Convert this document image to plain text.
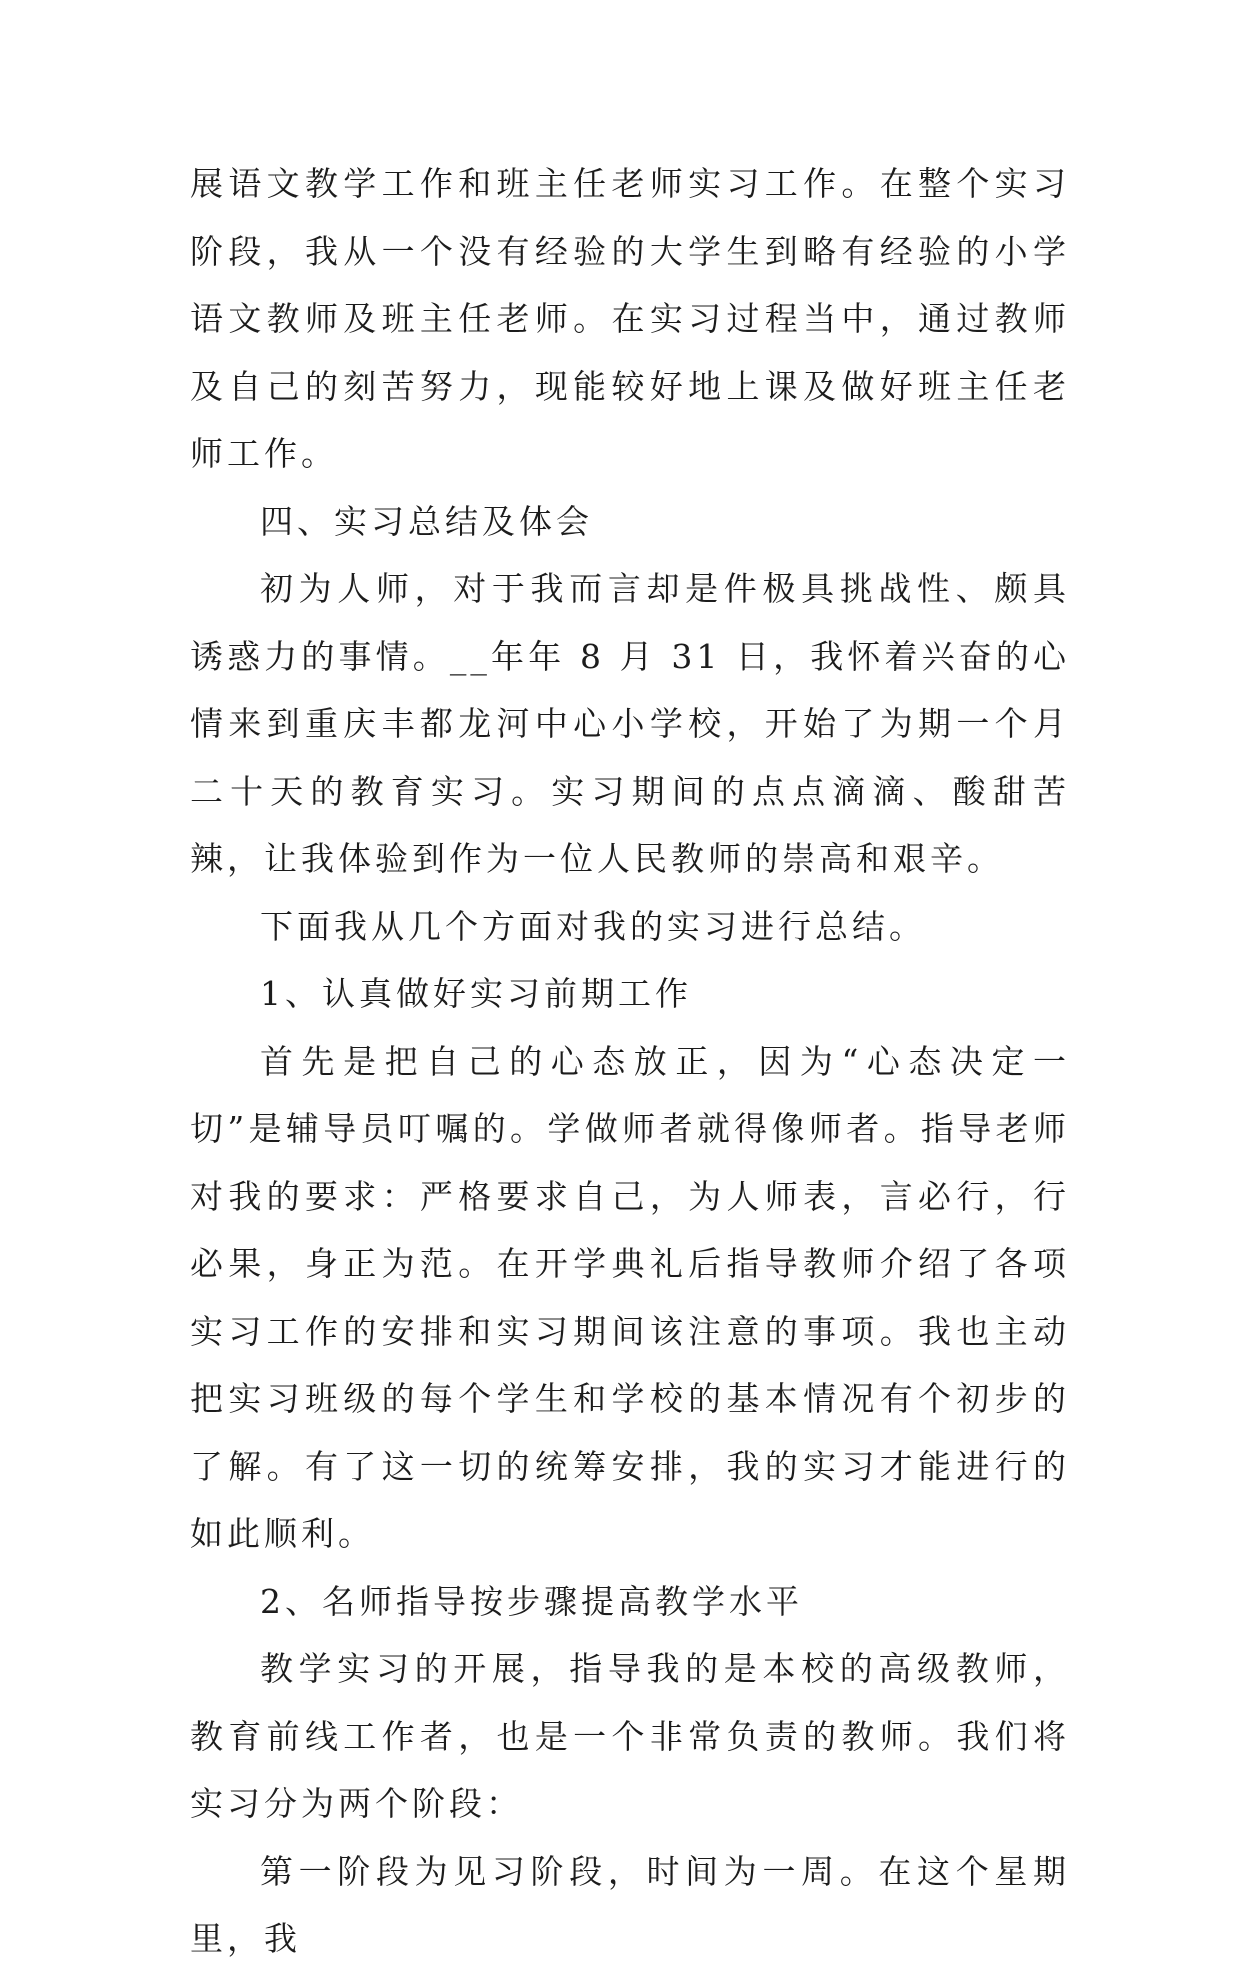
展语文教学工作和班主任老师实习工作。在整个实习阶段，我从一个没有经验的大学生到略有经验的小学语文教师及班主任老师。在实习过程当中，通过教师及自己的刻苦努力，现能较好地上课及做好班主任老师工作。

四、实习总结及体会

初为人师，对于我而言却是件极具挑战性、颇具诱惑力的事情。__年年 8 月 31 日，我怀着兴奋的心情来到重庆丰都龙河中心小学校，开始了为期一个月二十天的教育实习。实习期间的点点滴滴、酸甜苦辣，让我体验到作为一位人民教师的崇高和艰辛。

下面我从几个方面对我的实习进行总结。

1、认真做好实习前期工作

首先是把自己的心态放正，因为“心态决定一切”是辅导员叮嘱的。学做师者就得像师者。指导老师对我的要求：严格要求自己，为人师表，言必行，行必果，身正为范。在开学典礼后指导教师介绍了各项实习工作的安排和实习期间该注意的事项。我也主动把实习班级的每个学生和学校的基本情况有个初步的了解。有了这一切的统筹安排，我的实习才能进行的如此顺利。

2、名师指导按步骤提高教学水平

教学实习的开展，指导我的是本校的高级教师，教育前线工作者，也是一个非常负责的教师。我们将实习分为两个阶段：

第一阶段为见习阶段，时间为一周。在这个星期里，我
